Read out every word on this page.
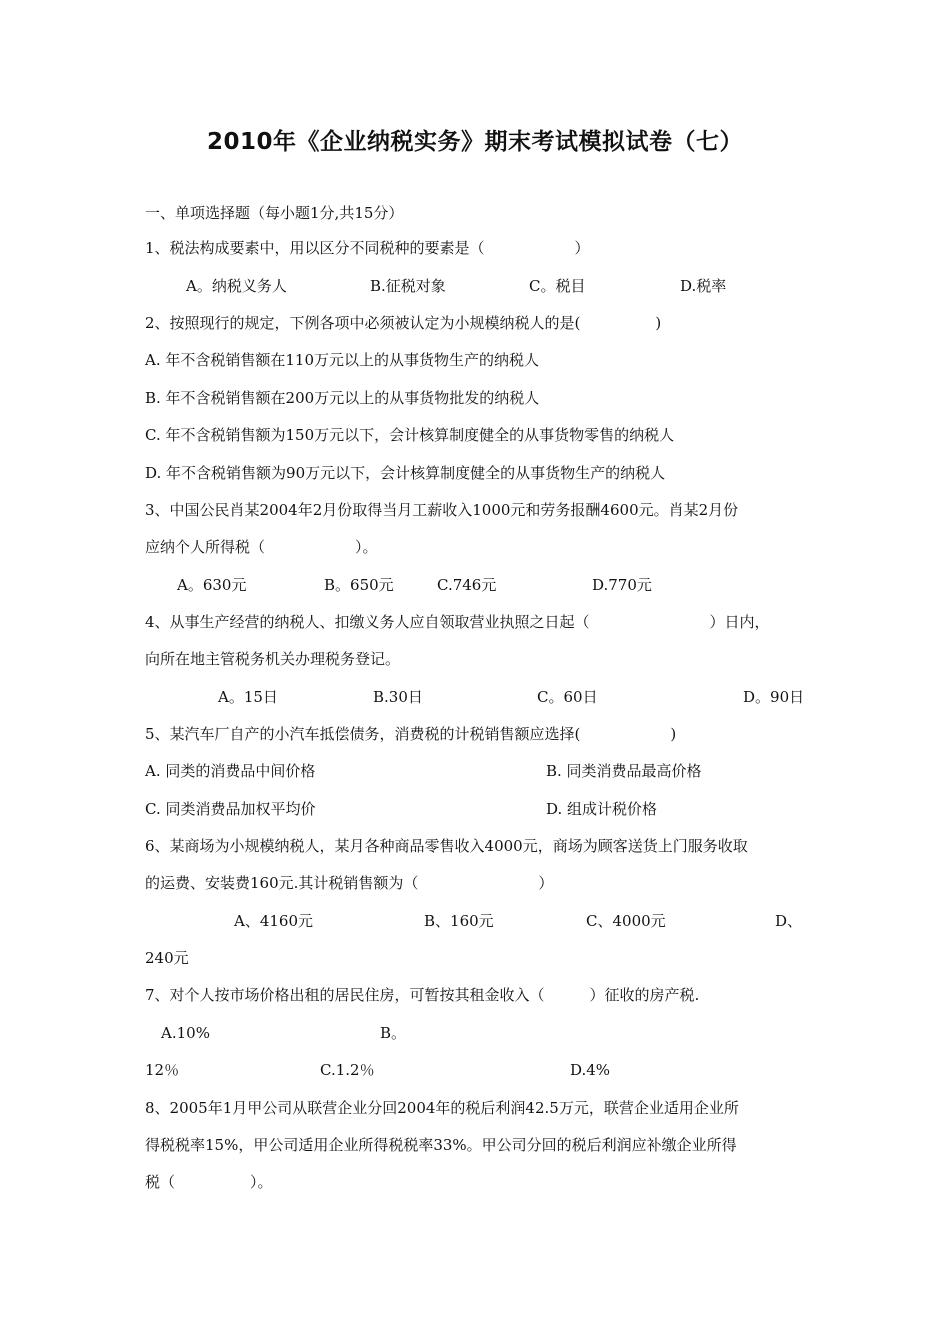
2010年《企业纳税实务》期末考试模拟试卷（七）
一、单项选择题（每小题1分,共15分）
1、税法构成要素中，用以区分不同税种的要素是（　　　　　　）
A。纳税义务人	B.征税对象	C。税目	D.税率
2、按照现行的规定，下例各项中必须被认定为小规模纳税人的是(　　　　　)
A. 年不含税销售额在110万元以上的从事货物生产的纳税人
B. 年不含税销售额在200万元以上的从事货物批发的纳税人
C. 年不含税销售额为150万元以下，会计核算制度健全的从事货物零售的纳税人
D. 年不含税销售额为90万元以下，会计核算制度健全的从事货物生产的纳税人
3、中国公民肖某2004年2月份取得当月工薪收入1000元和劳务报酬4600元。肖某2月份
应纳个人所得税（　　　　　　）。
A。630元	B。650元	C.746元	D.770元
4、从事生产经营的纳税人、扣缴义务人应自领取营业执照之日起（　　　　　　　　）日内，
向所在地主管税务机关办理税务登记。
A。15日	B.30日	C。60日	D。90日
5、某汽车厂自产的小汽车抵偿债务，消费税的计税销售额应选择(　　　　　　)
A. 同类的消费品中间价格	B. 同类消费品最高价格
C. 同类消费品加权平均价	D. 组成计税价格
6、某商场为小规模纳税人，某月各种商品零售收入4000元，商场为顾客送货上门服务收取
的运费、安装费160元.其计税销售额为（　　　　　　　　）
A、4160元	B、160元	C、4000元	D、
240元
7、对个人按市场价格出租的居民住房，可暂按其租金收入（　　　）征收的房产税.
A.10%	B。
12％	C.1.2％	D.4%
8、2005年1月甲公司从联营企业分回2004年的税后利润42.5万元，联营企业适用企业所
得税税率15%，甲公司适用企业所得税税率33%。甲公司分回的税后利润应补缴企业所得
税（　　　　　）。
